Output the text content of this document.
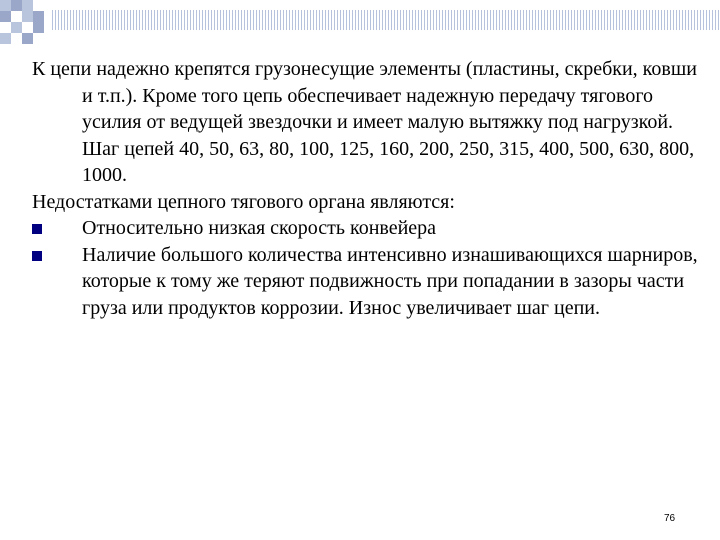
К цепи надежно крепятся грузонесущие элементы (пластины, скребки, ковши и т.п.). Кроме того цепь обеспечивает надежную передачу тягового усилия от ведущей звездочки и имеет малую вытяжку под нагрузкой. Шаг цепей 40, 50, 63, 80, 100, 125, 160, 200, 250, 315, 400, 500, 630, 800, 1000.

Недостатками цепного тягового органа являются:

Относительно низкая скорость конвейера
Наличие большого количества интенсивно изнашивающихся шарниров, которые к тому же теряют подвижность при попадании в зазоры части груза или продуктов коррозии. Износ увеличивает шаг цепи.
76
